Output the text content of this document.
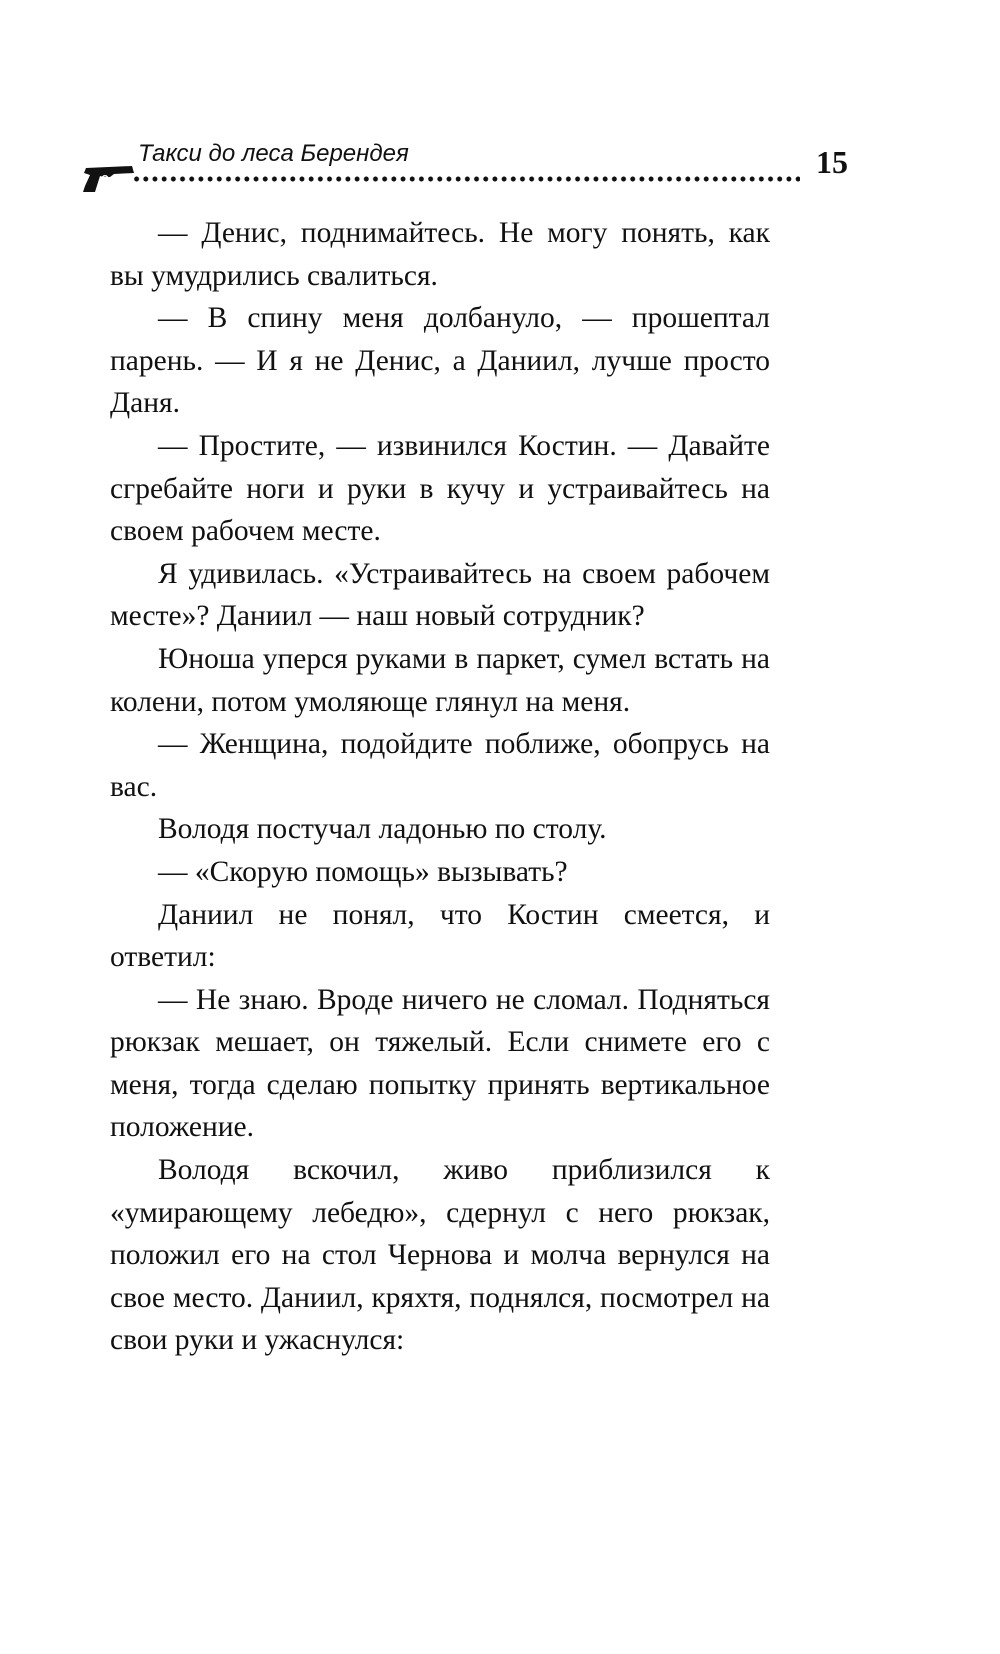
Такси до леса Берендея	15

— Денис, поднимайтесь. Не могу понять, как вы умудрились свалиться.

— В спину меня долбануло, — прошептал парень. — И я не Денис, а Даниил, лучше просто Даня.

— Простите, — извинился Костин. — Давайте сгребайте ноги и руки в кучу и устраивайтесь на своем рабочем месте.

Я удивилась. «Устраивайтесь на своем рабочем месте»? Даниил — наш новый сотрудник?

Юноша уперся руками в паркет, сумел встать на колени, потом умоляюще глянул на меня.

— Женщина, подойдите поближе, обопрусь на вас.

Володя постучал ладонью по столу.

— «Скорую помощь» вызывать?

Даниил не понял, что Костин смеется, и ответил:

— Не знаю. Вроде ничего не сломал. Подняться рюкзак мешает, он тяжелый. Если снимете его с меня, тогда сделаю попытку принять вертикальное положение.

Володя вскочил, живо приблизился к «умирающему лебедю», сдернул с него рюкзак, положил его на стол Чернова и молча вернулся на свое место. Даниил, кряхтя, поднялся, посмотрел на свои руки и ужаснулся:
